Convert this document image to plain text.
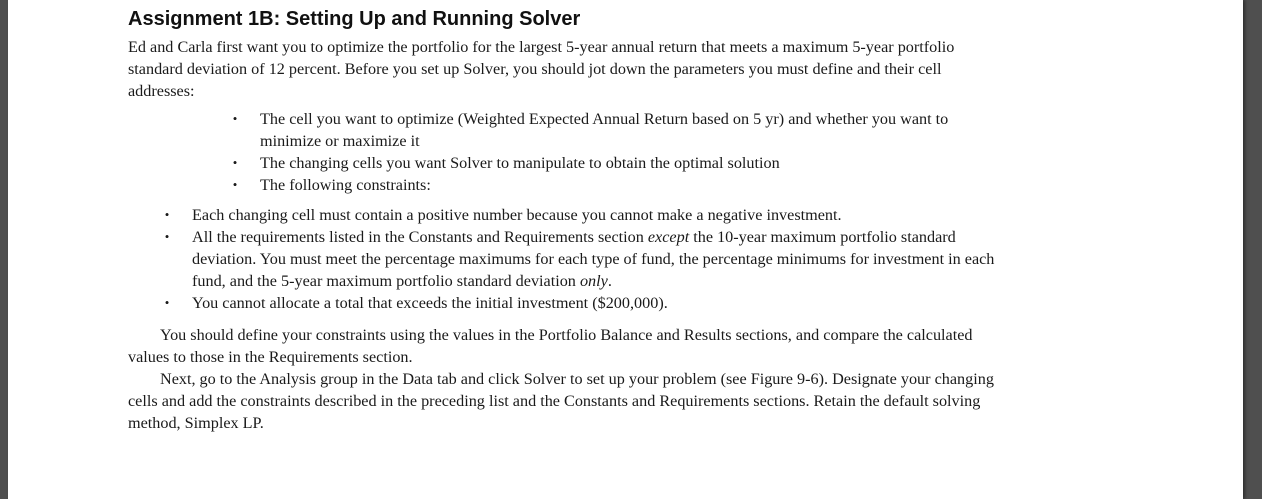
Assignment 1B: Setting Up and Running Solver

Ed and Carla first want you to optimize the portfolio for the largest 5-year annual return that meets a maximum 5-year portfolio standard deviation of 12 percent. Before you set up Solver, you should jot down the parameters you must define and their cell addresses:

• The cell you want to optimize (Weighted Expected Annual Return based on 5 yr) and whether you want to minimize or maximize it
• The changing cells you want Solver to manipulate to obtain the optimal solution
• The following constraints:
• Each changing cell must contain a positive number because you cannot make a negative investment.
• All the requirements listed in the Constants and Requirements section except the 10-year maximum portfolio standard deviation. You must meet the percentage maximums for each type of fund, the percentage minimums for investment in each fund, and the 5-year maximum portfolio standard deviation only.
• You cannot allocate a total that exceeds the initial investment ($200,000).

You should define your constraints using the values in the Portfolio Balance and Results sections, and compare the calculated values to those in the Requirements section.

Next, go to the Analysis group in the Data tab and click Solver to set up your problem (see Figure 9-6). Designate your changing cells and add the constraints described in the preceding list and the Constants and Requirements sections. Retain the default solving method, Simplex LP.
